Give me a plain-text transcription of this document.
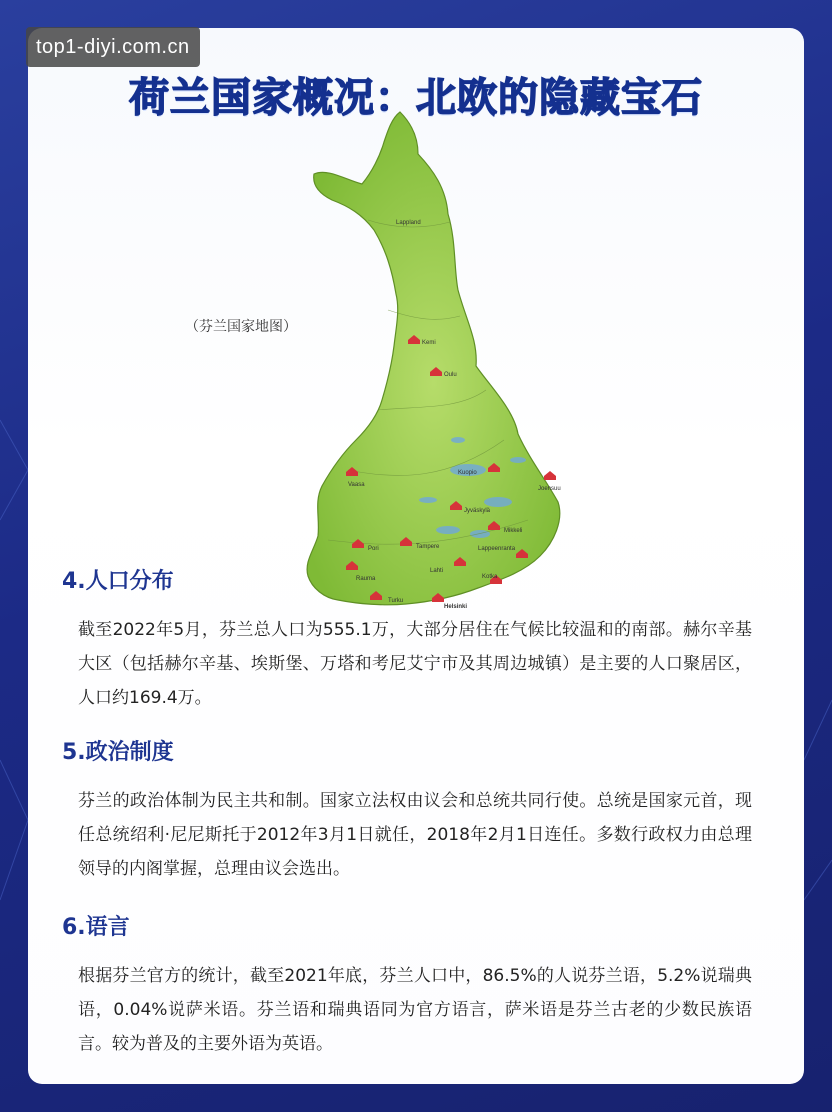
top1-diyi.com.cn
荷兰国家概况：北欧的隐藏宝石
（芬兰国家地图）
Lappland
Kemi
Oulu
Vaasa
Kuopio
Joensuu
Jyväskylä
Mikkeli
Pori	Tampere	Lappeenranta
Lahti
Kotka
Rauma
Turku
Helsinki
4.人口分布

截至2022年5月，芬兰总人口为555.1万，大部分居住在气候比较温和的南部。赫尔辛基大区（包括赫尔辛基、埃斯堡、万塔和考尼艾宁市及其周边城镇）是主要的人口聚居区，人口约169.4万。

5.政治制度

芬兰的政治体制为民主共和制。国家立法权由议会和总统共同行使。总统是国家元首，现任总统绍利·尼尼斯托于2012年3月1日就任，2018年2月1日连任。多数行政权力由总理领导的内阁掌握，总理由议会选出。

6.语言

根据芬兰官方的统计，截至2021年底，芬兰人口中，86.5%的人说芬兰语，5.2%说瑞典语，0.04%说萨米语。芬兰语和瑞典语同为官方语言，萨米语是芬兰古老的少数民族语言。较为普及的主要外语为英语。
